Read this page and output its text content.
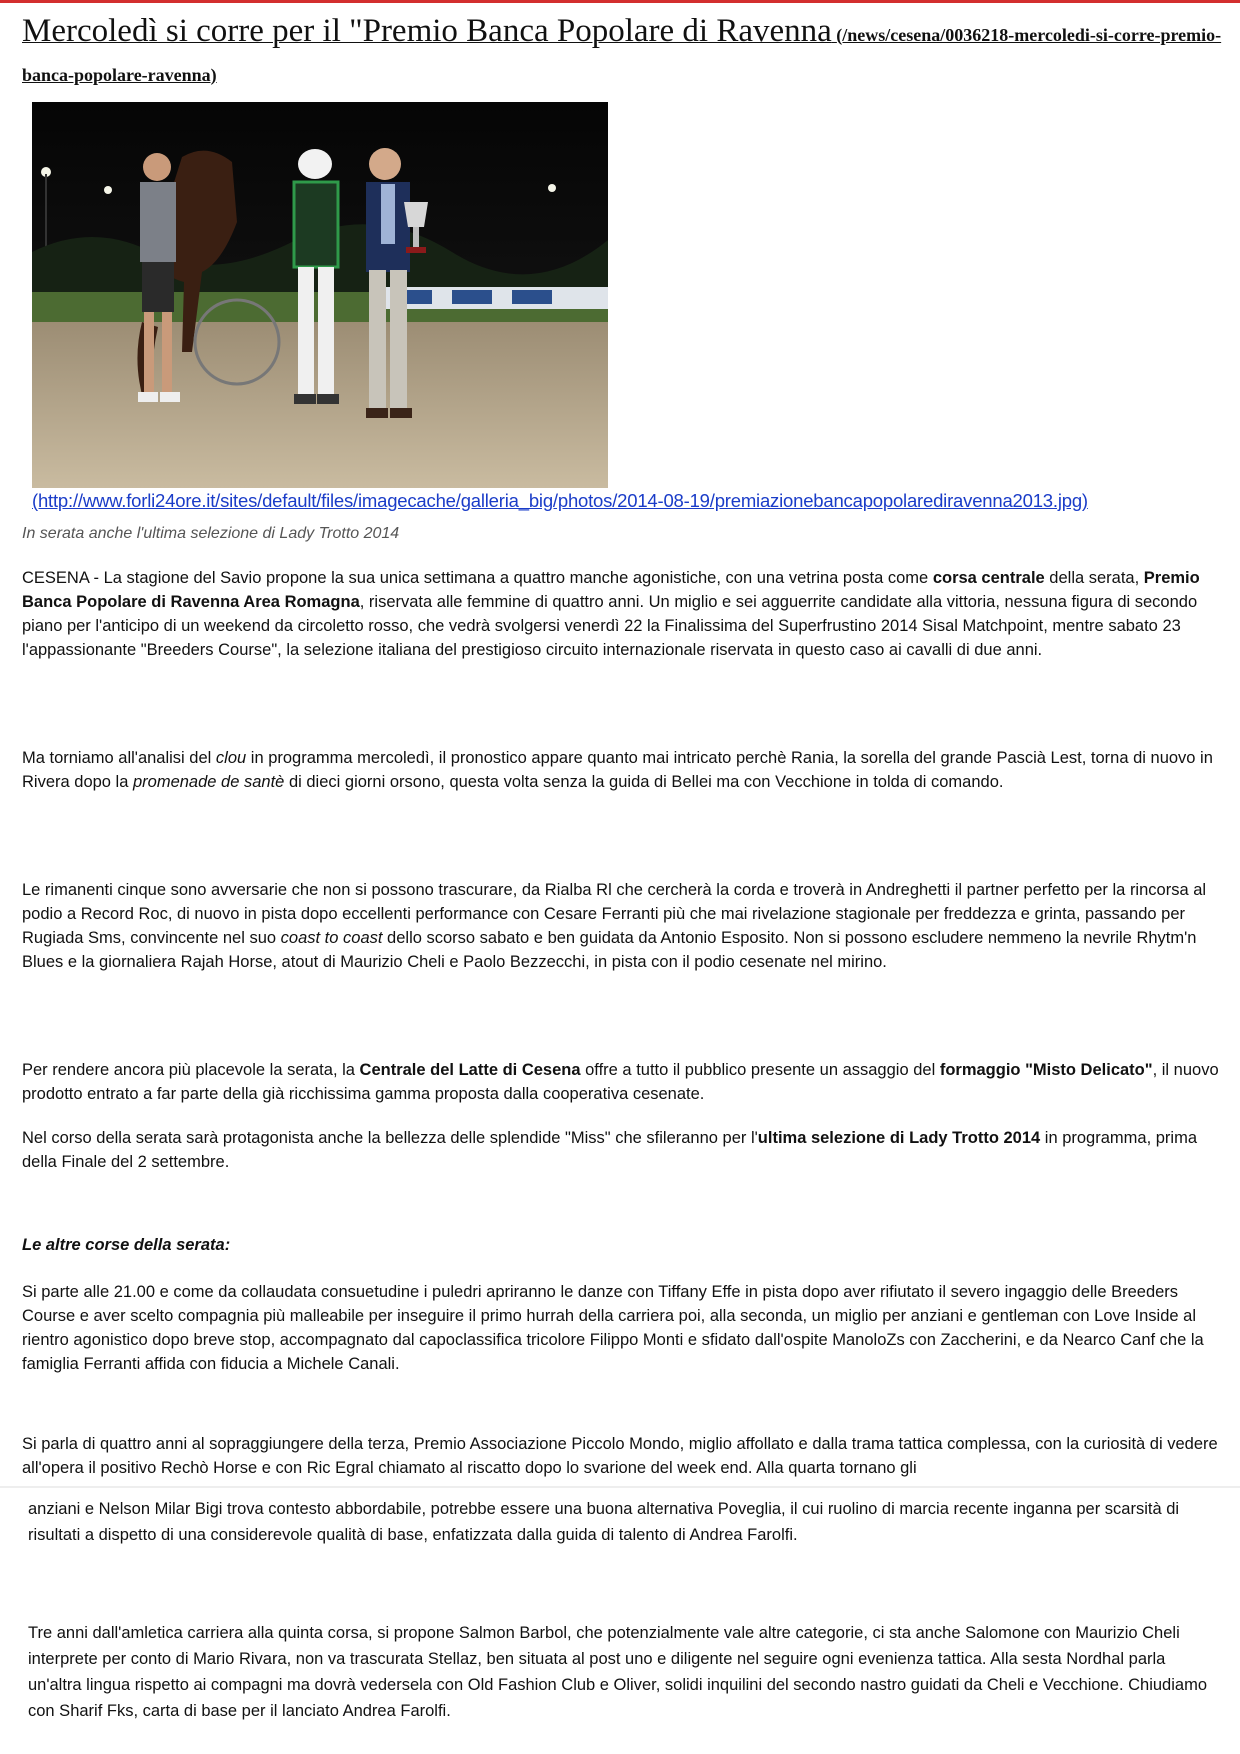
Mercoledì si corre per il "Premio Banca Popolare di Ravenna (/news/cesena/0036218-mercoledi-si-corre-premio-banca-popolare-ravenna)
(http://www.forli24ore.it/sites/default/files/imagecache/galleria_big/photos/2014-08-19/premiazionebancapopolarediravenna2013.jpg)
In serata anche l'ultima selezione di Lady Trotto 2014

CESENA - La stagione del Savio propone la sua unica settimana a quattro manche agonistiche, con una vetrina posta come corsa centrale della serata, Premio Banca Popolare di Ravenna Area Romagna, riservata alle femmine di quattro anni. Un miglio e sei agguerrite candidate alla vittoria, nessuna figura di secondo piano per l'anticipo di un weekend da circoletto rosso, che vedrà svolgersi venerdì 22 la Finalissima del Superfrustino 2014 Sisal Matchpoint, mentre sabato 23 l'appassionante "Breeders Course", la selezione italiana del prestigioso circuito internazionale riservata in questo caso ai cavalli di due anni.

Ma torniamo all'analisi del clou in programma mercoledì, il pronostico appare quanto mai intricato perchè Rania, la sorella del grande Pascià Lest, torna di nuovo in Rivera dopo la promenade de santè di dieci giorni orsono, questa volta senza la guida di Bellei ma con Vecchione in tolda di comando.

Le rimanenti cinque sono avversarie che non si possono trascurare, da Rialba Rl che cercherà la corda e troverà in Andreghetti il partner perfetto per la rincorsa al podio a Record Roc, di nuovo in pista dopo eccellenti performance con Cesare Ferranti più che mai rivelazione stagionale per freddezza e grinta, passando per Rugiada Sms, convincente nel suo coast to coast dello scorso sabato e ben guidata da Antonio Esposito. Non si possono escludere nemmeno la nevrile Rhytm'n Blues e la giornaliera Rajah Horse, atout di Maurizio Cheli e Paolo Bezzecchi, in pista con il podio cesenate nel mirino.

Per rendere ancora più placevole la serata, la Centrale del Latte di Cesena offre a tutto il pubblico presente un assaggio del formaggio "Misto Delicato", il nuovo prodotto entrato a far parte della già ricchissima gamma proposta dalla cooperativa cesenate.

Nel corso della serata sarà protagonista anche la bellezza delle splendide "Miss" che sfileranno per l'ultima selezione di Lady Trotto 2014 in programma, prima della Finale del 2 settembre.

Le altre corse della serata:

Si parte alle 21.00 e come da collaudata consuetudine i puledri apriranno le danze con Tiffany Effe in pista dopo aver rifiutato il severo ingaggio delle Breeders Course e aver scelto compagnia più malleabile per inseguire il primo hurrah della carriera poi, alla seconda, un miglio per anziani e gentleman con Love Inside al rientro agonistico dopo breve stop, accompagnato dal capoclassifica tricolore Filippo Monti e sfidato dall'ospite ManoloZs con Zaccherini, e da Nearco Canf che la famiglia Ferranti affida con fiducia a Michele Canali.

Si parla di quattro anni al sopraggiungere della terza, Premio Associazione Piccolo Mondo, miglio affollato e dalla trama tattica complessa, con la curiosità di vedere all'opera il positivo Rechò Horse e con Ric Egral chiamato al riscatto dopo lo svarione del week end. Alla quarta tornano gli

anziani e Nelson Milar Bigi trova contesto abbordabile, potrebbe essere una buona alternativa Poveglia, il cui ruolino di marcia recente inganna per scarsità di risultati a dispetto di una considerevole qualità di base, enfatizzata dalla guida di talento di Andrea Farolfi.

Tre anni dall'amletica carriera alla quinta corsa, si propone Salmon Barbol, che potenzialmente vale altre categorie, ci sta anche Salomone con Maurizio Cheli interprete per conto di Mario Rivara, non va trascurata Stellaz, ben situata al post uno e diligente nel seguire ogni evenienza tattica. Alla sesta Nordhal parla un'altra lingua rispetto ai compagni ma dovrà vedersela con Old Fashion Club e Oliver, solidi inquilini del secondo nastro guidati da Cheli e Vecchione. Chiudiamo con Sharif Fks, carta di base per il lanciato Andrea Farolfi.
